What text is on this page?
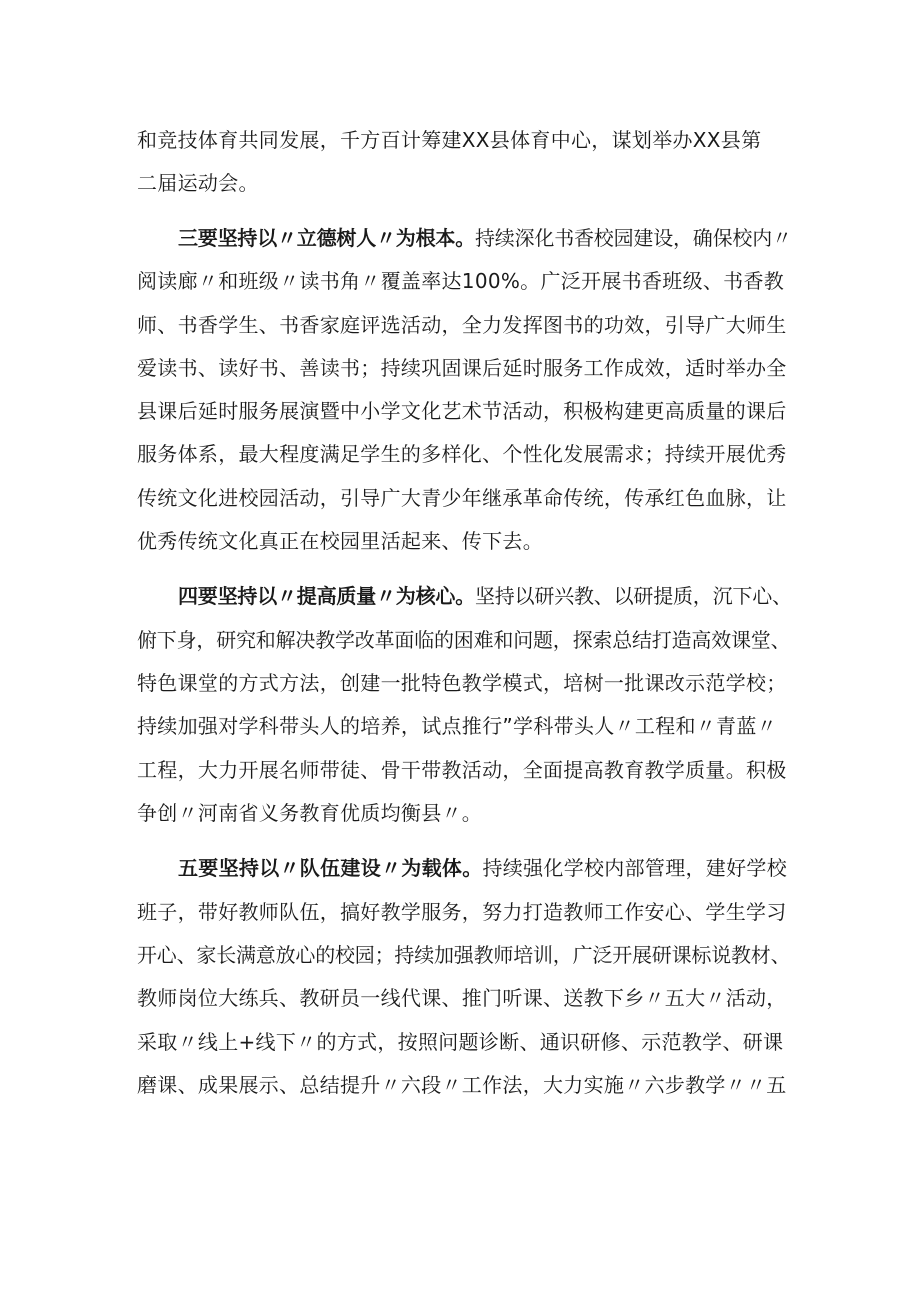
和竞技体育共同发展，千方百计筹建XX县体育中心，谋划举办XX县第

二届运动会。

三要坚持以〃立德树人〃为根本。持续深化书香校园建设，确保校内〃

阅读廊〃和班级〃读书角〃覆盖率达100%。广泛开展书香班级、书香教

师、书香学生、书香家庭评选活动，全力发挥图书的功效，引导广大师生

爱读书、读好书、善读书；持续巩固课后延时服务工作成效，适时举办全

县课后延时服务展演暨中小学文化艺术节活动，积极构建更高质量的课后

服务体系，最大程度满足学生的多样化、个性化发展需求；持续开展优秀

传统文化进校园活动，引导广大青少年继承革命传统，传承红色血脉，让

优秀传统文化真正在校园里活起来、传下去。

四要坚持以〃提高质量〃为核心。坚持以研兴教、以研提质，沉下心、

俯下身，研究和解决教学改革面临的困难和问题，探索总结打造高效课堂、

特色课堂的方式方法，创建一批特色教学模式，培树一批课改示范学校；

持续加强对学科带头人的培养，试点推行”学科带头人〃工程和〃青蓝〃

工程，大力开展名师带徒、骨干带教活动，全面提高教育教学质量。积极

争创〃河南省义务教育优质均衡县〃。

五要坚持以〃队伍建设〃为载体。持续强化学校内部管理，建好学校

班子，带好教师队伍，搞好教学服务，努力打造教师工作安心、学生学习

开心、家长满意放心的校园；持续加强教师培训，广泛开展研课标说教材、

教师岗位大练兵、教研员一线代课、推门听课、送教下乡〃五大〃活动，

采取〃线上+线下〃的方式，按照问题诊断、通识研修、示范教学、研课

磨课、成果展示、总结提升〃六段〃工作法，大力实施〃六步教学〃〃五
